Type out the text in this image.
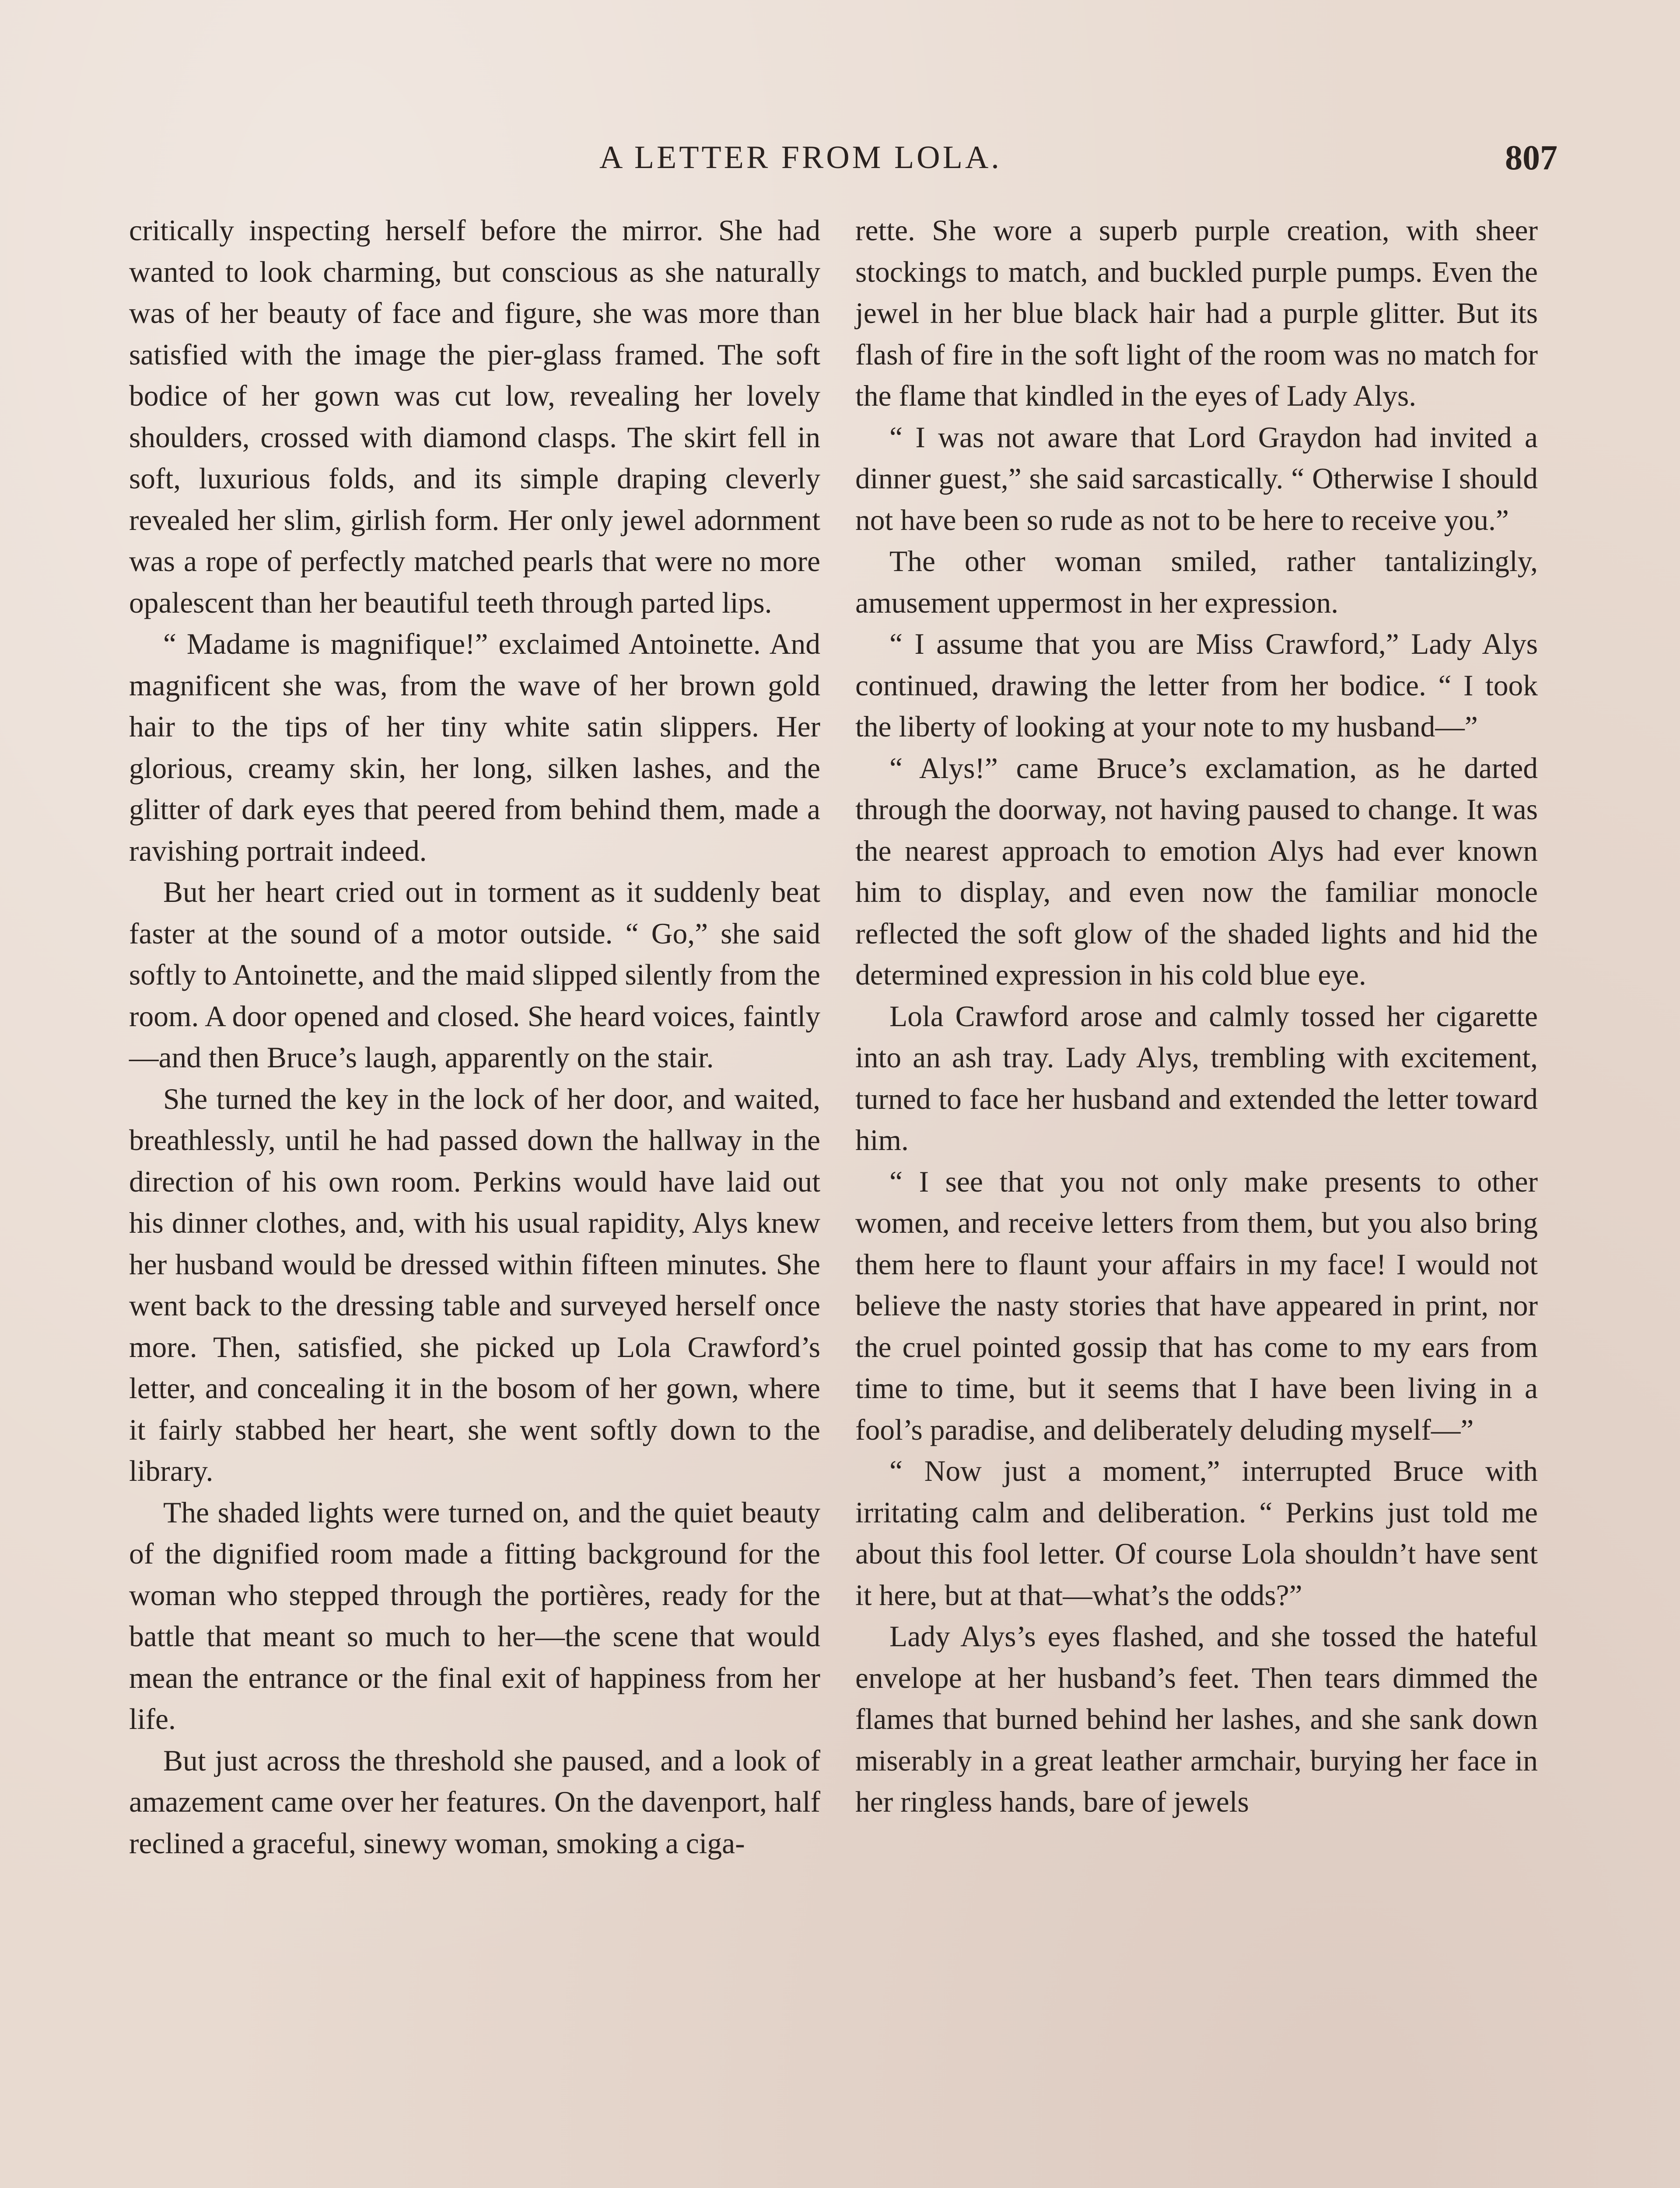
A LETTER FROM LOLA.	807

critically inspecting herself before the mirror. She had wanted to look charming, but conscious as she naturally was of her beauty of face and figure, she was more than satisfied with the image the pier-glass framed. The soft bodice of her gown was cut low, revealing her lovely shoulders, crossed with diamond clasps. The skirt fell in soft, luxurious folds, and its simple draping cleverly revealed her slim, girlish form. Her only jewel adornment was a rope of perfectly matched pearls that were no more opalescent than her beautiful teeth through parted lips.

“ Madame is magnifique!” exclaimed Antoinette. And magnificent she was, from the wave of her brown gold hair to the tips of her tiny white satin slippers. Her glorious, creamy skin, her long, silken lashes, and the glitter of dark eyes that peered from behind them, made a ravishing portrait indeed.

But her heart cried out in torment as it suddenly beat faster at the sound of a motor outside. “ Go,” she said softly to Antoinette, and the maid slipped silently from the room. A door opened and closed. She heard voices, faintly—and then Bruce’s laugh, apparently on the stair.

She turned the key in the lock of her door, and waited, breathlessly, until he had passed down the hallway in the direction of his own room. Perkins would have laid out his dinner clothes, and, with his usual rapidity, Alys knew her husband would be dressed within fifteen minutes. She went back to the dressing table and surveyed herself once more. Then, satisfied, she picked up Lola Crawford’s letter, and concealing it in the bosom of her gown, where it fairly stabbed her heart, she went softly down to the library.

The shaded lights were turned on, and the quiet beauty of the dignified room made a fitting background for the woman who stepped through the portières, ready for the battle that meant so much to her—the scene that would mean the entrance or the final exit of happiness from her life.

But just across the threshold she paused, and a look of amazement came over her features. On the davenport, half reclined a graceful, sinewy woman, smoking a ciga-

rette. She wore a superb purple creation, with sheer stockings to match, and buckled purple pumps. Even the jewel in her blue black hair had a purple glitter. But its flash of fire in the soft light of the room was no match for the flame that kindled in the eyes of Lady Alys.

“ I was not aware that Lord Graydon had invited a dinner guest,” she said sarcastically. “ Otherwise I should not have been so rude as not to be here to receive you.”

The other woman smiled, rather tantalizingly, amusement uppermost in her expression.

“ I assume that you are Miss Crawford,” Lady Alys continued, drawing the letter from her bodice. “ I took the liberty of looking at your note to my husband—”

“ Alys!” came Bruce’s exclamation, as he darted through the doorway, not having paused to change. It was the nearest approach to emotion Alys had ever known him to display, and even now the familiar monocle reflected the soft glow of the shaded lights and hid the determined expression in his cold blue eye.

Lola Crawford arose and calmly tossed her cigarette into an ash tray. Lady Alys, trembling with excitement, turned to face her husband and extended the letter toward him.

“ I see that you not only make presents to other women, and receive letters from them, but you also bring them here to flaunt your affairs in my face! I would not believe the nasty stories that have appeared in print, nor the cruel pointed gossip that has come to my ears from time to time, but it seems that I have been living in a fool’s paradise, and deliberately deluding myself—”

“ Now just a moment,” interrupted Bruce with irritating calm and deliberation. “ Perkins just told me about this fool letter. Of course Lola shouldn’t have sent it here, but at that—what’s the odds?”

Lady Alys’s eyes flashed, and she tossed the hateful envelope at her husband’s feet. Then tears dimmed the flames that burned behind her lashes, and she sank down miserably in a great leather armchair, burying her face in her ringless hands, bare of jewels
